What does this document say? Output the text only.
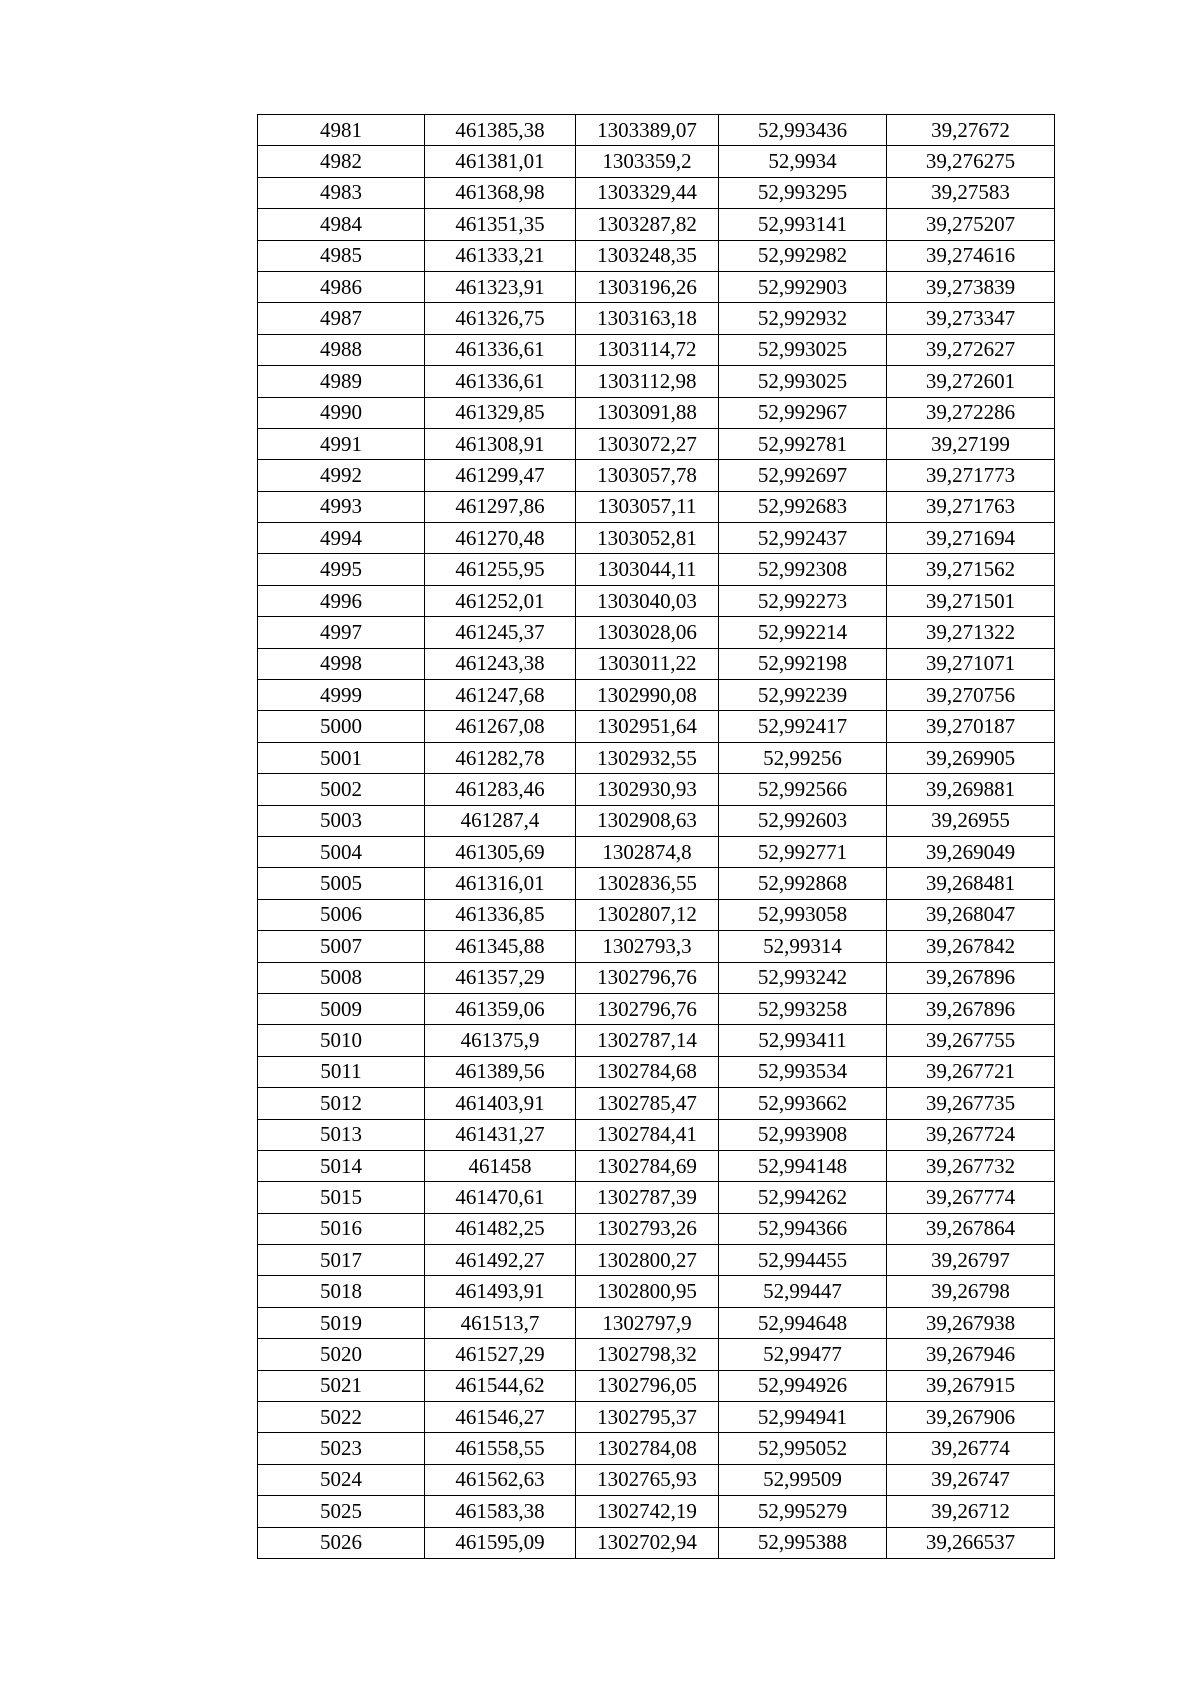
4981	461385,38	1303389,07	52,993436	39,27672
4982	461381,01	1303359,2	52,9934	39,276275
4983	461368,98	1303329,44	52,993295	39,27583
4984	461351,35	1303287,82	52,993141	39,275207
4985	461333,21	1303248,35	52,992982	39,274616
4986	461323,91	1303196,26	52,992903	39,273839
4987	461326,75	1303163,18	52,992932	39,273347
4988	461336,61	1303114,72	52,993025	39,272627
4989	461336,61	1303112,98	52,993025	39,272601
4990	461329,85	1303091,88	52,992967	39,272286
4991	461308,91	1303072,27	52,992781	39,27199
4992	461299,47	1303057,78	52,992697	39,271773
4993	461297,86	1303057,11	52,992683	39,271763
4994	461270,48	1303052,81	52,992437	39,271694
4995	461255,95	1303044,11	52,992308	39,271562
4996	461252,01	1303040,03	52,992273	39,271501
4997	461245,37	1303028,06	52,992214	39,271322
4998	461243,38	1303011,22	52,992198	39,271071
4999	461247,68	1302990,08	52,992239	39,270756
5000	461267,08	1302951,64	52,992417	39,270187
5001	461282,78	1302932,55	52,99256	39,269905
5002	461283,46	1302930,93	52,992566	39,269881
5003	461287,4	1302908,63	52,992603	39,26955
5004	461305,69	1302874,8	52,992771	39,269049
5005	461316,01	1302836,55	52,992868	39,268481
5006	461336,85	1302807,12	52,993058	39,268047
5007	461345,88	1302793,3	52,99314	39,267842
5008	461357,29	1302796,76	52,993242	39,267896
5009	461359,06	1302796,76	52,993258	39,267896
5010	461375,9	1302787,14	52,993411	39,267755
5011	461389,56	1302784,68	52,993534	39,267721
5012	461403,91	1302785,47	52,993662	39,267735
5013	461431,27	1302784,41	52,993908	39,267724
5014	461458	1302784,69	52,994148	39,267732
5015	461470,61	1302787,39	52,994262	39,267774
5016	461482,25	1302793,26	52,994366	39,267864
5017	461492,27	1302800,27	52,994455	39,26797
5018	461493,91	1302800,95	52,99447	39,26798
5019	461513,7	1302797,9	52,994648	39,267938
5020	461527,29	1302798,32	52,99477	39,267946
5021	461544,62	1302796,05	52,994926	39,267915
5022	461546,27	1302795,37	52,994941	39,267906
5023	461558,55	1302784,08	52,995052	39,26774
5024	461562,63	1302765,93	52,99509	39,26747
5025	461583,38	1302742,19	52,995279	39,26712
5026	461595,09	1302702,94	52,995388	39,266537
